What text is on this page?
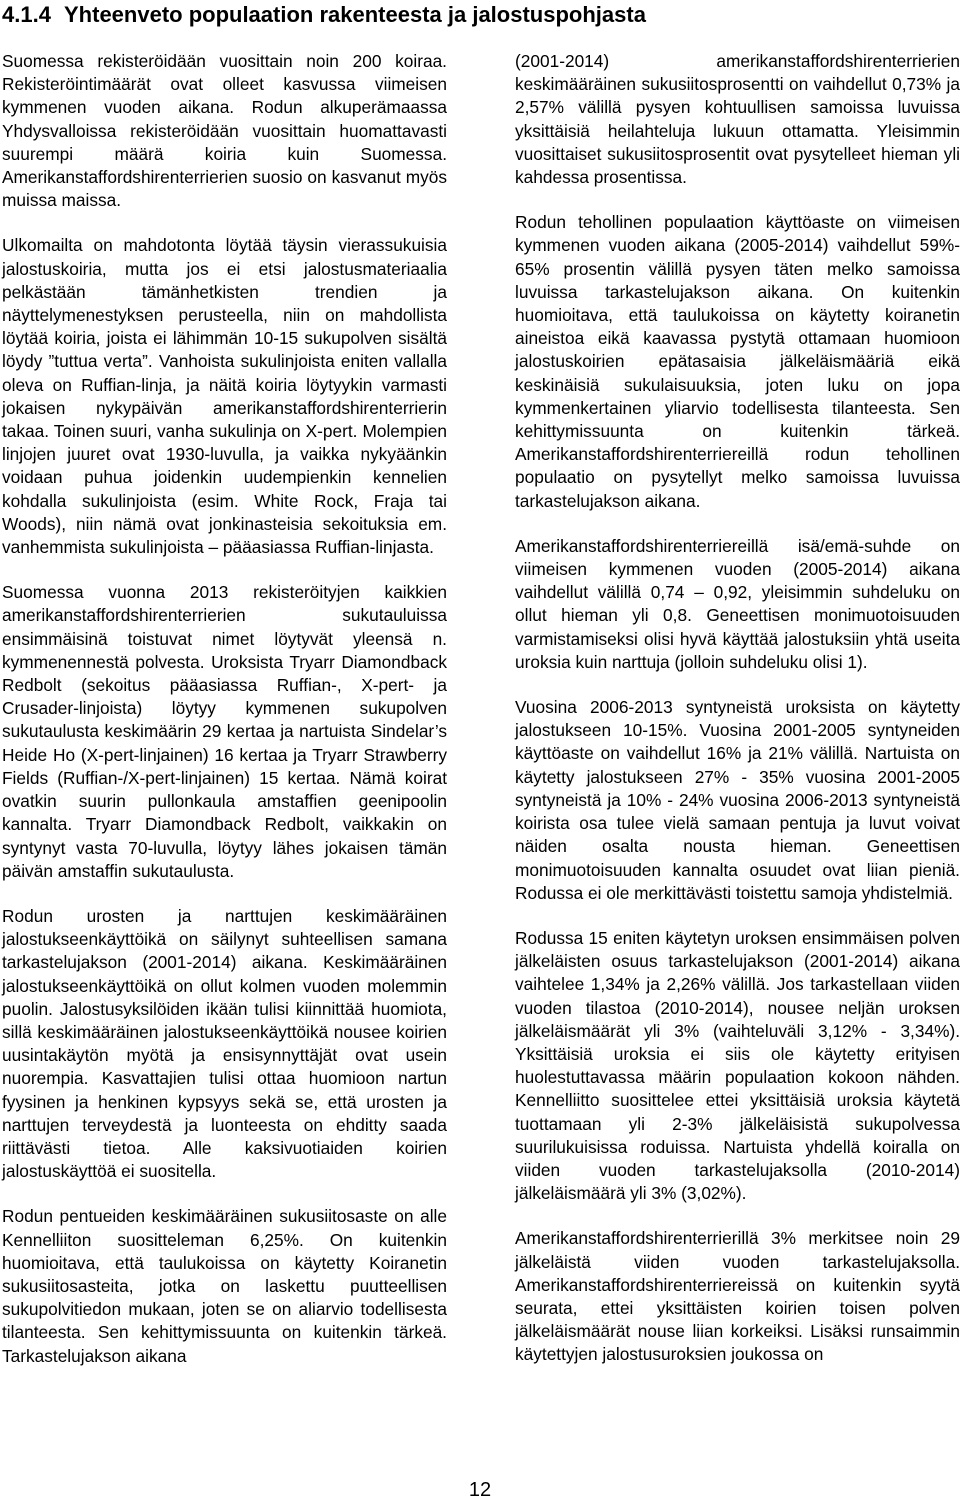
4.1.4 Yhteenveto populaation rakenteesta ja jalostuspohjasta

Suomessa rekisteröidään vuosittain noin 200 koiraa. Rekisteröintimäärät ovat olleet kasvussa viimeisen kymmenen vuoden aikana. Rodun alkuperämaassa Yhdysvalloissa rekisteröidään vuosittain huomattavasti suurempi määrä koiria kuin Suomessa. Amerikanstaffordshirenterrierien suosio on kasvanut myös muissa maissa.

Ulkomailta on mahdotonta löytää täysin vierassukuisia jalostuskoiria, mutta jos ei etsi jalostusmateriaalia pelkästään tämänhetkisten trendien ja näyttelymenestyksen perusteella, niin on mahdollista löytää koiria, joista ei lähimmän 10-15 sukupolven sisältä löydy ”tuttua verta”. Vanhoista sukulinjoista eniten vallalla oleva on Ruffian-linja, ja näitä koiria löytyykin varmasti jokaisen nykypäivän amerikanstaffordshirenterrierin takaa. Toinen suuri, vanha sukulinja on X-pert. Molempien linjojen juuret ovat 1930-luvulla, ja vaikka nykyäänkin voidaan puhua joidenkin uudempienkin kennelien kohdalla sukulinjoista (esim. White Rock, Fraja tai Woods), niin nämä ovat jonkinasteisia sekoituksia em. vanhemmista sukulinjoista – pääasiassa Ruffian-linjasta.

Suomessa vuonna 2013 rekisteröityjen kaikkien amerikanstaffordshirenterrierien sukutauluissa ensimmäisinä toistuvat nimet löytyvät yleensä n. kymmenennestä polvesta. Uroksista Tryarr Diamondback Redbolt (sekoitus pääasiassa Ruffian-, X-pert- ja Crusader-linjoista) löytyy kymmenen sukupolven sukutaulusta keskimäärin 29 kertaa ja nartuista Sindelar’s Heide Ho (X-pert-linjainen) 16 kertaa ja Tryarr Strawberry Fields (Ruffian-/X-pert-linjainen) 15 kertaa. Nämä koirat ovatkin suurin pullonkaula amstaffien geenipoolin kannalta. Tryarr Diamondback Redbolt, vaikkakin on syntynyt vasta 70-luvulla, löytyy lähes jokaisen tämän päivän amstaffin sukutaulusta.

Rodun urosten ja narttujen keskimääräinen jalostukseenkäyttöikä on säilynyt suhteellisen samana tarkastelujakson (2001-2014) aikana. Keskimääräinen jalostukseenkäyttöikä on ollut kolmen vuoden molemmin puolin. Jalostusyksilöiden ikään tulisi kiinnittää huomiota, sillä keskimääräinen jalostukseenkäyttöikä nousee koirien uusintakäytön myötä ja ensisynnyttäjät ovat usein nuorempia. Kasvattajien tulisi ottaa huomioon nartun fyysinen ja henkinen kypsyys sekä se, että urosten ja narttujen terveydestä ja luonteesta on ehditty saada riittävästi tietoa. Alle kaksivuotiaiden koirien jalostuskäyttöä ei suositella.

Rodun pentueiden keskimääräinen sukusiitosaste on alle Kennelliiton suositteleman 6,25%. On kuitenkin huomioitava, että taulukoissa on käytetty Koiranetin sukusiitosasteita, jotka on laskettu puutteellisen sukupolvitiedon mukaan, joten se on aliarvio todellisesta tilanteesta. Sen kehittymissuunta on kuitenkin tärkeä. Tarkastelujakson aikana

(2001-2014) amerikanstaffordshirenterrierien keskimääräinen sukusiitosprosentti on vaihdellut 0,73% ja 2,57% välillä pysyen kohtuullisen samoissa luvuissa yksittäisiä heilahteluja lukuun ottamatta. Yleisimmin vuosittaiset sukusiitosprosentit ovat pysytelleet hieman yli kahdessa prosentissa.

Rodun tehollinen populaation käyttöaste on viimeisen kymmenen vuoden aikana (2005-2014) vaihdellut 59%- 65% prosentin välillä pysyen täten melko samoissa luvuissa tarkastelujakson aikana. On kuitenkin huomioitava, että taulukoissa on käytetty koiranetin aineistoa eikä kaavassa pystytä ottamaan huomioon jalostuskoirien epätasaisia jälkeläismääriä eikä keskinäisiä sukulaisuuksia, joten luku on jopa kymmenkertainen yliarvio todellisesta tilanteesta. Sen kehittymissuunta on kuitenkin tärkeä. Amerikanstaffordshirenterriereillä rodun tehollinen populaatio on pysytellyt melko samoissa luvuissa tarkastelujakson aikana.

Amerikanstaffordshirenterriereillä isä/emä-suhde on viimeisen kymmenen vuoden (2005-2014) aikana vaihdellut välillä 0,74 – 0,92, yleisimmin suhdeluku on ollut hieman yli 0,8. Geneettisen monimuotoisuuden varmistamiseksi olisi hyvä käyttää jalostuksiin yhtä useita uroksia kuin narttuja (jolloin suhdeluku olisi 1).

Vuosina 2006-2013 syntyneistä uroksista on käytetty jalostukseen 10-15%. Vuosina 2001-2005 syntyneiden käyttöaste on vaihdellut 16% ja 21% välillä. Nartuista on käytetty jalostukseen 27% - 35% vuosina 2001-2005 syntyneistä ja 10% - 24% vuosina 2006-2013 syntyneistä koirista osa tulee vielä samaan pentuja ja luvut voivat näiden osalta nousta hieman. Geneettisen monimuotoisuuden kannalta osuudet ovat liian pieniä. Rodussa ei ole merkittävästi toistettu samoja yhdistelmiä.

Rodussa 15 eniten käytetyn uroksen ensimmäisen polven jälkeläisten osuus tarkastelujakson (2001-2014) aikana vaihtelee 1,34% ja 2,26% välillä. Jos tarkastellaan viiden vuoden tilastoa (2010-2014), nousee neljän uroksen jälkeläismäärät yli 3% (vaihteluväli 3,12% - 3,34%). Yksittäisiä uroksia ei siis ole käytetty erityisen huolestuttavassa määrin populaation kokoon nähden. Kennelliitto suosittelee ettei yksittäisiä uroksia käytetä tuottamaan yli 2-3% jälkeläisistä sukupolvessa suurilukuisissa roduissa. Nartuista yhdellä koiralla on viiden vuoden tarkastelujaksolla (2010-2014) jälkeläismäärä yli 3% (3,02%).

Amerikanstaffordshirenterrierillä 3% merkitsee noin 29 jälkeläistä viiden vuoden tarkastelujaksolla. Amerikanstaffordshirenterriereissä on kuitenkin syytä seurata, ettei yksittäisten koirien toisen polven jälkeläismäärät nouse liian korkeiksi. Lisäksi runsaimmin käytettyjen jalostusuroksien joukossa on

12
